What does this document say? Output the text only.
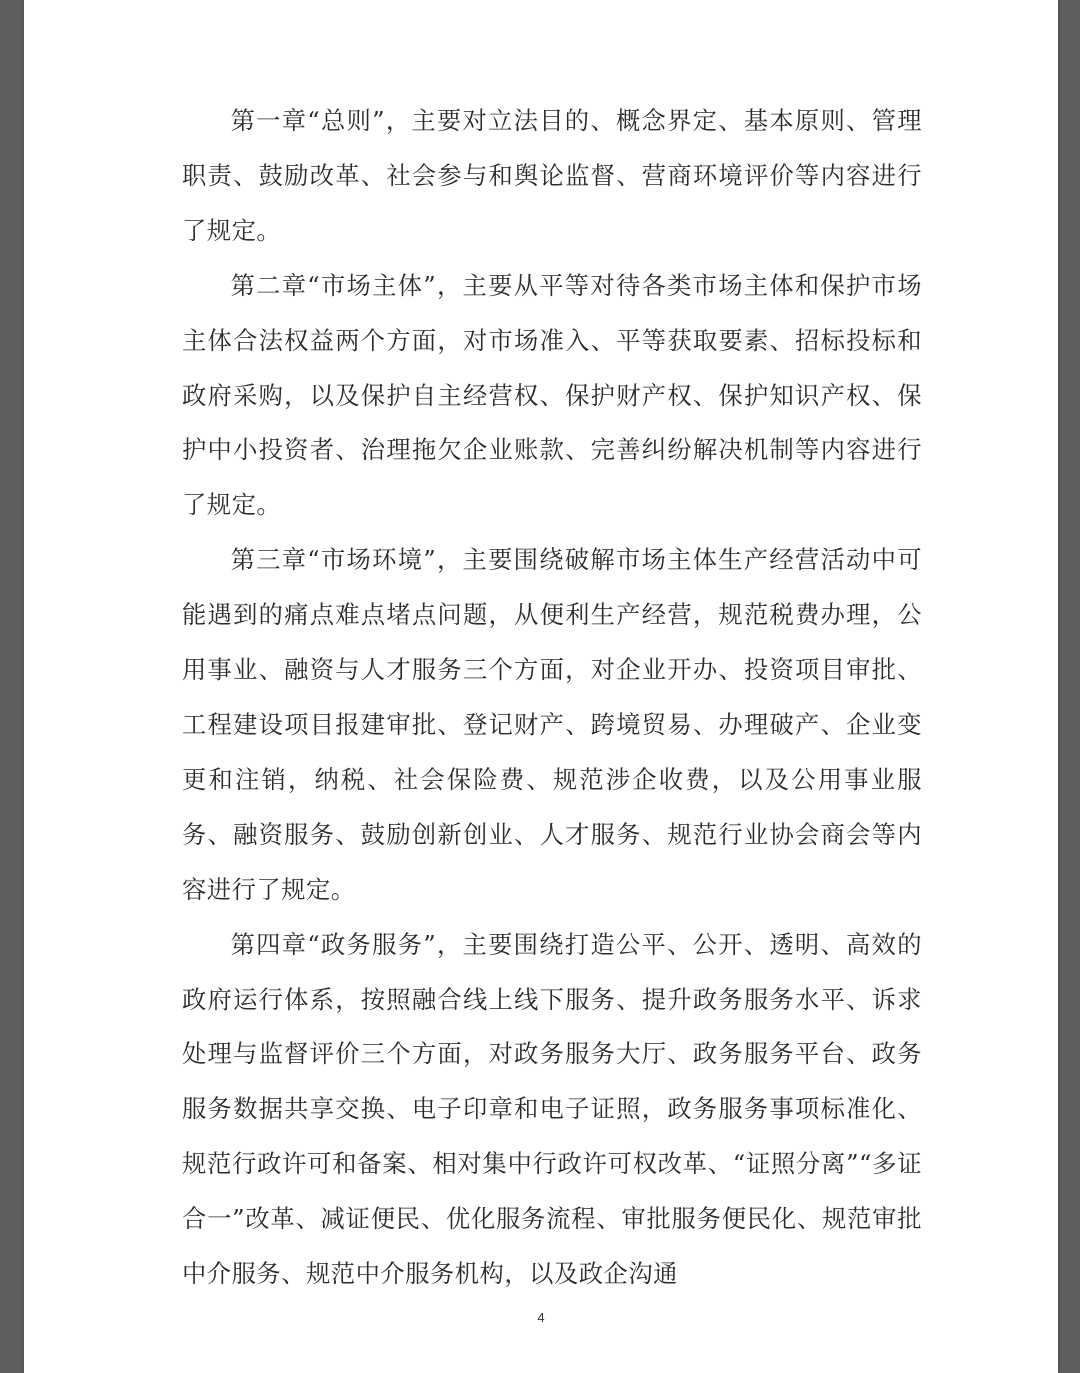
第一章“总则”，主要对立法目的、概念界定、基本原则、管理职责、鼓励改革、社会参与和舆论监督、营商环境评价等内容进行了规定。

第二章“市场主体”，主要从平等对待各类市场主体和保护市场主体合法权益两个方面，对市场准入、平等获取要素、招标投标和政府采购，以及保护自主经营权、保护财产权、保护知识产权、保护中小投资者、治理拖欠企业账款、完善纠纷解决机制等内容进行了规定。

第三章“市场环境”，主要围绕破解市场主体生产经营活动中可能遇到的痛点难点堵点问题，从便利生产经营，规范税费办理，公用事业、融资与人才服务三个方面，对企业开办、投资项目审批、工程建设项目报建审批、登记财产、跨境贸易、办理破产、企业变更和注销，纳税、社会保险费、规范涉企收费，以及公用事业服务、融资服务、鼓励创新创业、人才服务、规范行业协会商会等内容进行了规定。

第四章“政务服务”，主要围绕打造公平、公开、透明、高效的政府运行体系，按照融合线上线下服务、提升政务服务水平、诉求处理与监督评价三个方面，对政务服务大厅、政务服务平台、政务服务数据共享交换、电子印章和电子证照，政务服务事项标准化、规范行政许可和备案、相对集中行政许可权改革、“证照分离”“多证合一”改革、减证便民、优化服务流程、审批服务便民化、规范审批中介服务、规范中介服务机构，以及政企沟通

4
